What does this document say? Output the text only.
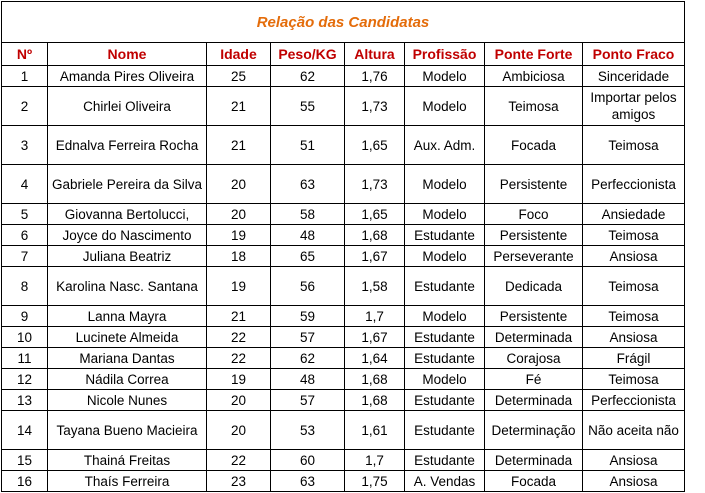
Relação das Candidatas							
Nº	Nome	Idade	Peso/KG	Altura	Profissão	Ponte Forte	Ponto Fraco
1	Amanda Pires Oliveira	25	62	1,76	Modelo	Ambiciosa	Sinceridade
2	Chirlei Oliveira	21	55	1,73	Modelo	Teimosa	Importar pelos amigos
3	Ednalva Ferreira Rocha	21	51	1,65	Aux. Adm.	Focada	Teimosa
4	Gabriele Pereira da Silva	20	63	1,73	Modelo	Persistente	Perfeccionista
5	Giovanna Bertolucci,	20	58	1,65	Modelo	Foco	Ansiedade
6	Joyce do Nascimento	19	48	1,68	Estudante	Persistente	Teimosa
7	Juliana Beatriz	18	65	1,67	Modelo	Perseverante	Ansiosa
8	Karolina Nasc. Santana	19	56	1,58	Estudante	Dedicada	Teimosa
9	Lanna Mayra	21	59	1,7	Modelo	Persistente	Teimosa
10	Lucinete Almeida	22	57	1,67	Estudante	Determinada	Ansiosa
11	Mariana Dantas	22	62	1,64	Estudante	Corajosa	Frágil
12	Nádila Correa	19	48	1,68	Modelo	Fé	Teimosa
13	Nicole Nunes	20	57	1,68	Estudante	Determinada	Perfeccionista
14	Tayana Bueno Macieira	20	53	1,61	Estudante	Determinação	Não aceita não
15	Thainá Freitas	22	60	1,7	Estudante	Determinada	Ansiosa
16	Thaís Ferreira	23	63	1,75	A. Vendas	Focada	Ansiosa
